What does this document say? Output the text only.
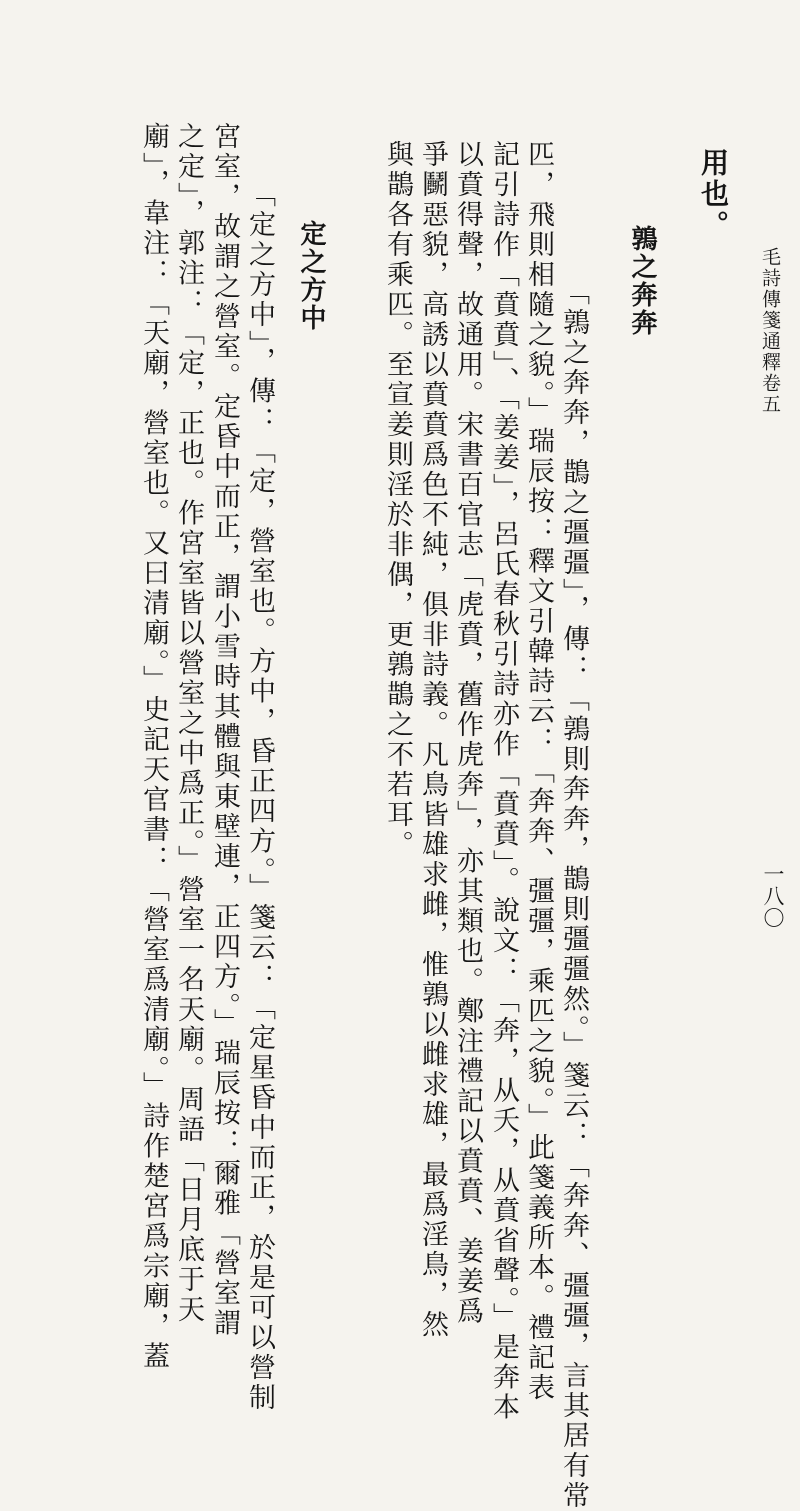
毛詩傳箋通釋卷五
一八〇
用也。
鶉之奔奔
「鶉之奔奔，鵲之彊彊」，傳：「鶉則奔奔，鵲則彊彊然。」箋云：「奔奔、彊彊，言其居有常
匹，飛則相隨之貌。」瑞辰按：釋文引韓詩云：「奔奔、彊彊，乘匹之貌。」此箋義所本。禮記表
記引詩作「賁賁」、「姜姜」，呂氏春秋引詩亦作「賁賁」。說文：「奔，从夭，从賁省聲。」是奔本
以賁得聲，故通用。宋書百官志「虎賁，舊作虎奔」，亦其類也。鄭注禮記以賁賁、姜姜爲
爭鬭惡貌，高誘以賁賁爲色不純，俱非詩義。凡鳥皆雄求雌，惟鶉以雌求雄，最爲淫鳥，然
與鵲各有乘匹。至宣姜則淫於非偶，更鶉鵲之不若耳。
定之方中
「定之方中」，傳：「定，營室也。方中，昏正四方。」箋云：「定星昏中而正，於是可以營制
宮室，故謂之營室。定昏中而正，謂小雪時其體與東壁連，正四方。」瑞辰按：爾雅「營室謂
之定」，郭注：「定，正也。作宮室皆以營室之中爲正。」營室一名天廟。周語「日月底于天
廟」，韋注：「天廟，營室也。又曰清廟。」史記天官書：「營室爲清廟。」詩作楚宮爲宗廟，蓋
